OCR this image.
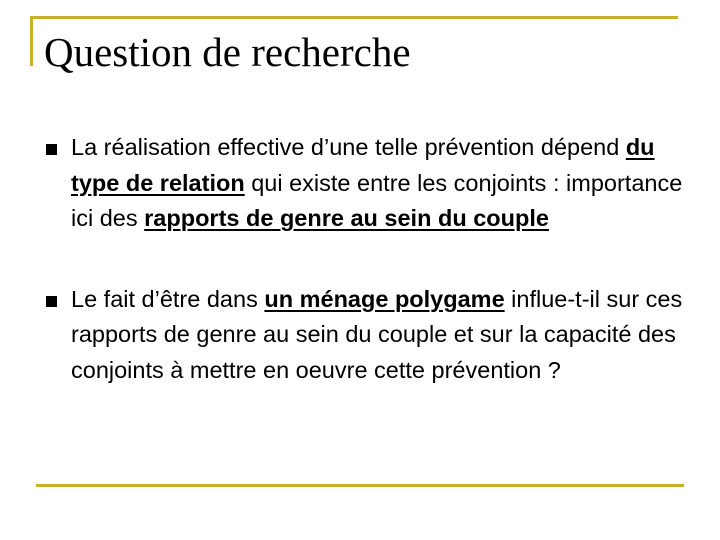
Question de recherche
La réalisation effective d’une telle prévention dépend du type de relation qui existe entre les conjoints : importance ici des rapports de genre au sein du couple
Le fait d’être dans un ménage polygame influe-t-il sur ces rapports de genre au sein du couple et sur la capacité des conjoints à mettre en oeuvre cette prévention ?
